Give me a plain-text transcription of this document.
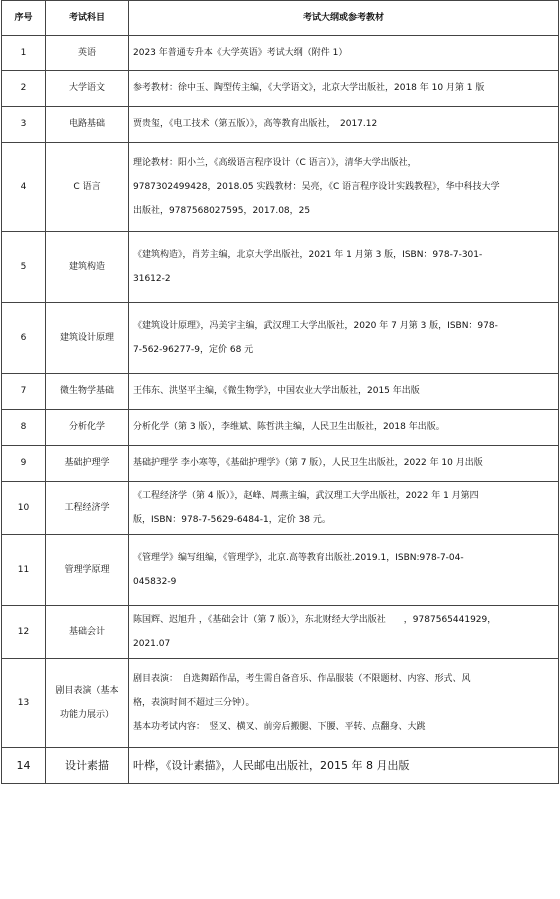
序号	考试科目	考试大纲或参考教材
1	英语	2023 年普通专升本《大学英语》考试大纲（附件 1）

2	大学语文	参考教材：徐中玉、陶型传主编，《大学语文》，北京大学出版社，2018 年 10 月第 1 版

3	电路基础	贾贵玺，《电工技术（第五版）》，高等教育出版社，　2017.12

4	C 语言	理论教材：阳小兰，《高级语言程序设计（C 语言）》，清华大学出版社，
9787302499428，2018.05 实践教材：吴亮，《C 语言程序设计实践教程》，华中科技大学
出版社，9787568027595，2017.08，25

5	建筑构造	《建筑构造》，肖芳主编，北京大学出版社，2021 年 1 月第 3 版，ISBN：978-7-301-
31612-2

6	建筑设计原理	《建筑设计原理》，冯美宇主编，武汉理工大学出版社，2020 年 7 月第 3 版，ISBN：978-
7-562-96277-9，定价 68 元

7	微生物学基础	王伟东、洪坚平主编，《微生物学》，中国农业大学出版社，2015 年出版

8	分析化学	分析化学（第 3 版），李维斌、陈哲洪主编，人民卫生出版社，2018 年出版。

9	基础护理学	基础护理学 李小寒等，《基础护理学》（第 7 版），人民卫生出版社，2022 年 10 月出版

10	工程经济学	《工程经济学（第 4 版）》，赵峰、周燕主编，武汉理工大学出版社，2022 年 1 月第四
版，ISBN：978-7-5629-6484-1，定价 38 元。

11	管理学原理	《管理学》编写组编，《管理学》，北京.高等教育出版社.2019.1，ISBN:978-7-04-
045832-9

12	基础会计	陈国辉、迟旭升 ，《基础会计（第 7 版）》，东北财经大学出版社　　，9787565441929，
2021.07

13	剧目表演（基本功能力展示）	剧目表演：　自选舞蹈作品，考生需自备音乐、作品服装（不限题材、内容、形式、风
格，表演时间不超过三分钟）。
基本功考试内容：　竖叉、横叉、前旁后搬腿、下腰、平转、点翻身、大跳

14	设计素描	叶桦，《设计素描》，人民邮电出版社，2015 年 8 月出版
